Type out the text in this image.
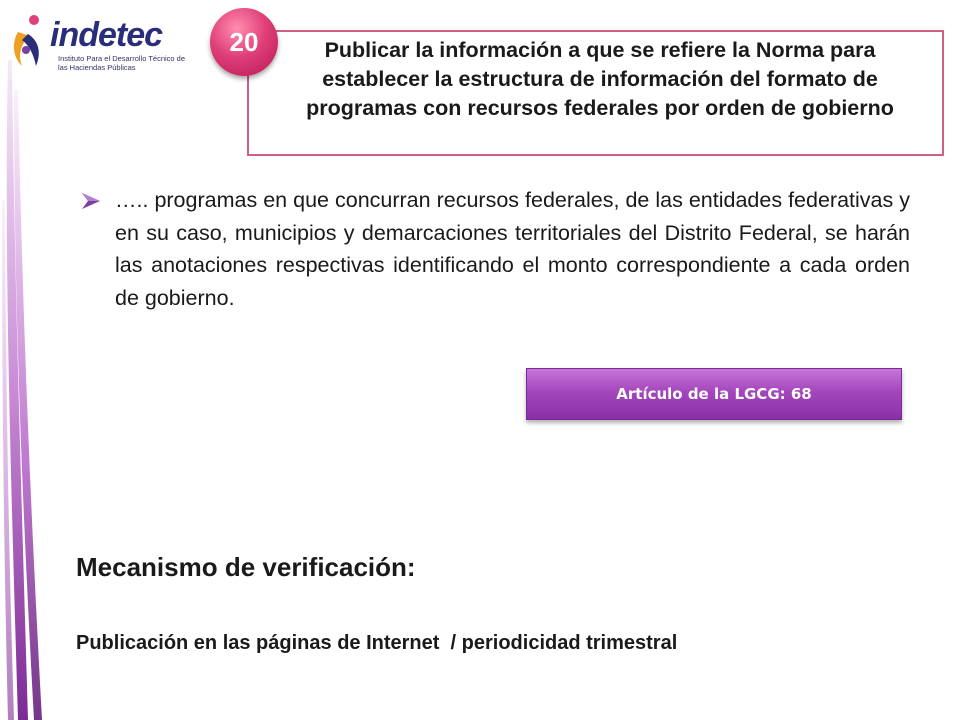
indetec
Instituto Para el Desarrollo Técnico de las Haciendas Públicas
Publicar la información a que se refiere la Norma para establecer la estructura de información del formato de programas con recursos federales por orden de gobierno
20
….. programas en que concurran recursos federales, de las entidades federativas y en su caso, municipios y demarcaciones territoriales del Distrito Federal, se harán las anotaciones respectivas identificando el monto correspondiente a cada orden de gobierno.
Artículo de la LGCG: 68
Mecanismo de verificación:
Publicación en las páginas de Internet  / periodicidad trimestral
